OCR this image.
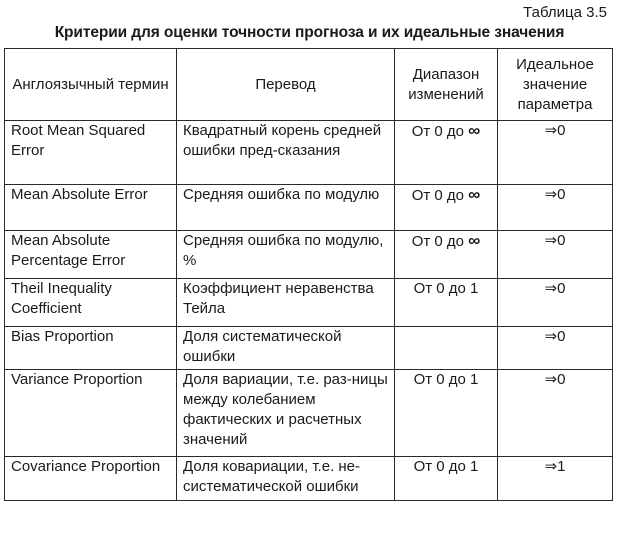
Таблица 3.5
Критерии для оценки точности прогноза и их идеальные значения
Англоязычный термин	Перевод	Диапазон изменений	Идеальное значение параметра
Root Mean Squared Error	Квадратный корень средней ошибки пред-сказания	От 0 до ∞	⇒0
Mean Absolute Error	Средняя ошибка по модулю	От 0 до ∞	⇒0
Mean Absolute Percentage Error	Средняя ошибка по модулю, %	От 0 до ∞	⇒0
Theil Inequality Coefficient	Коэффициент неравенства Тейла	От 0 до 1	⇒0
Bias Proportion	Доля систематической ошибки		⇒0
Variance Proportion	Доля вариации, т.е. раз-ницы между колебанием фактических и расчетных значений	От 0 до 1	⇒0
Covariance Proportion	Доля ковариации, т.е. не-систематической ошибки	От 0 до 1	⇒1
